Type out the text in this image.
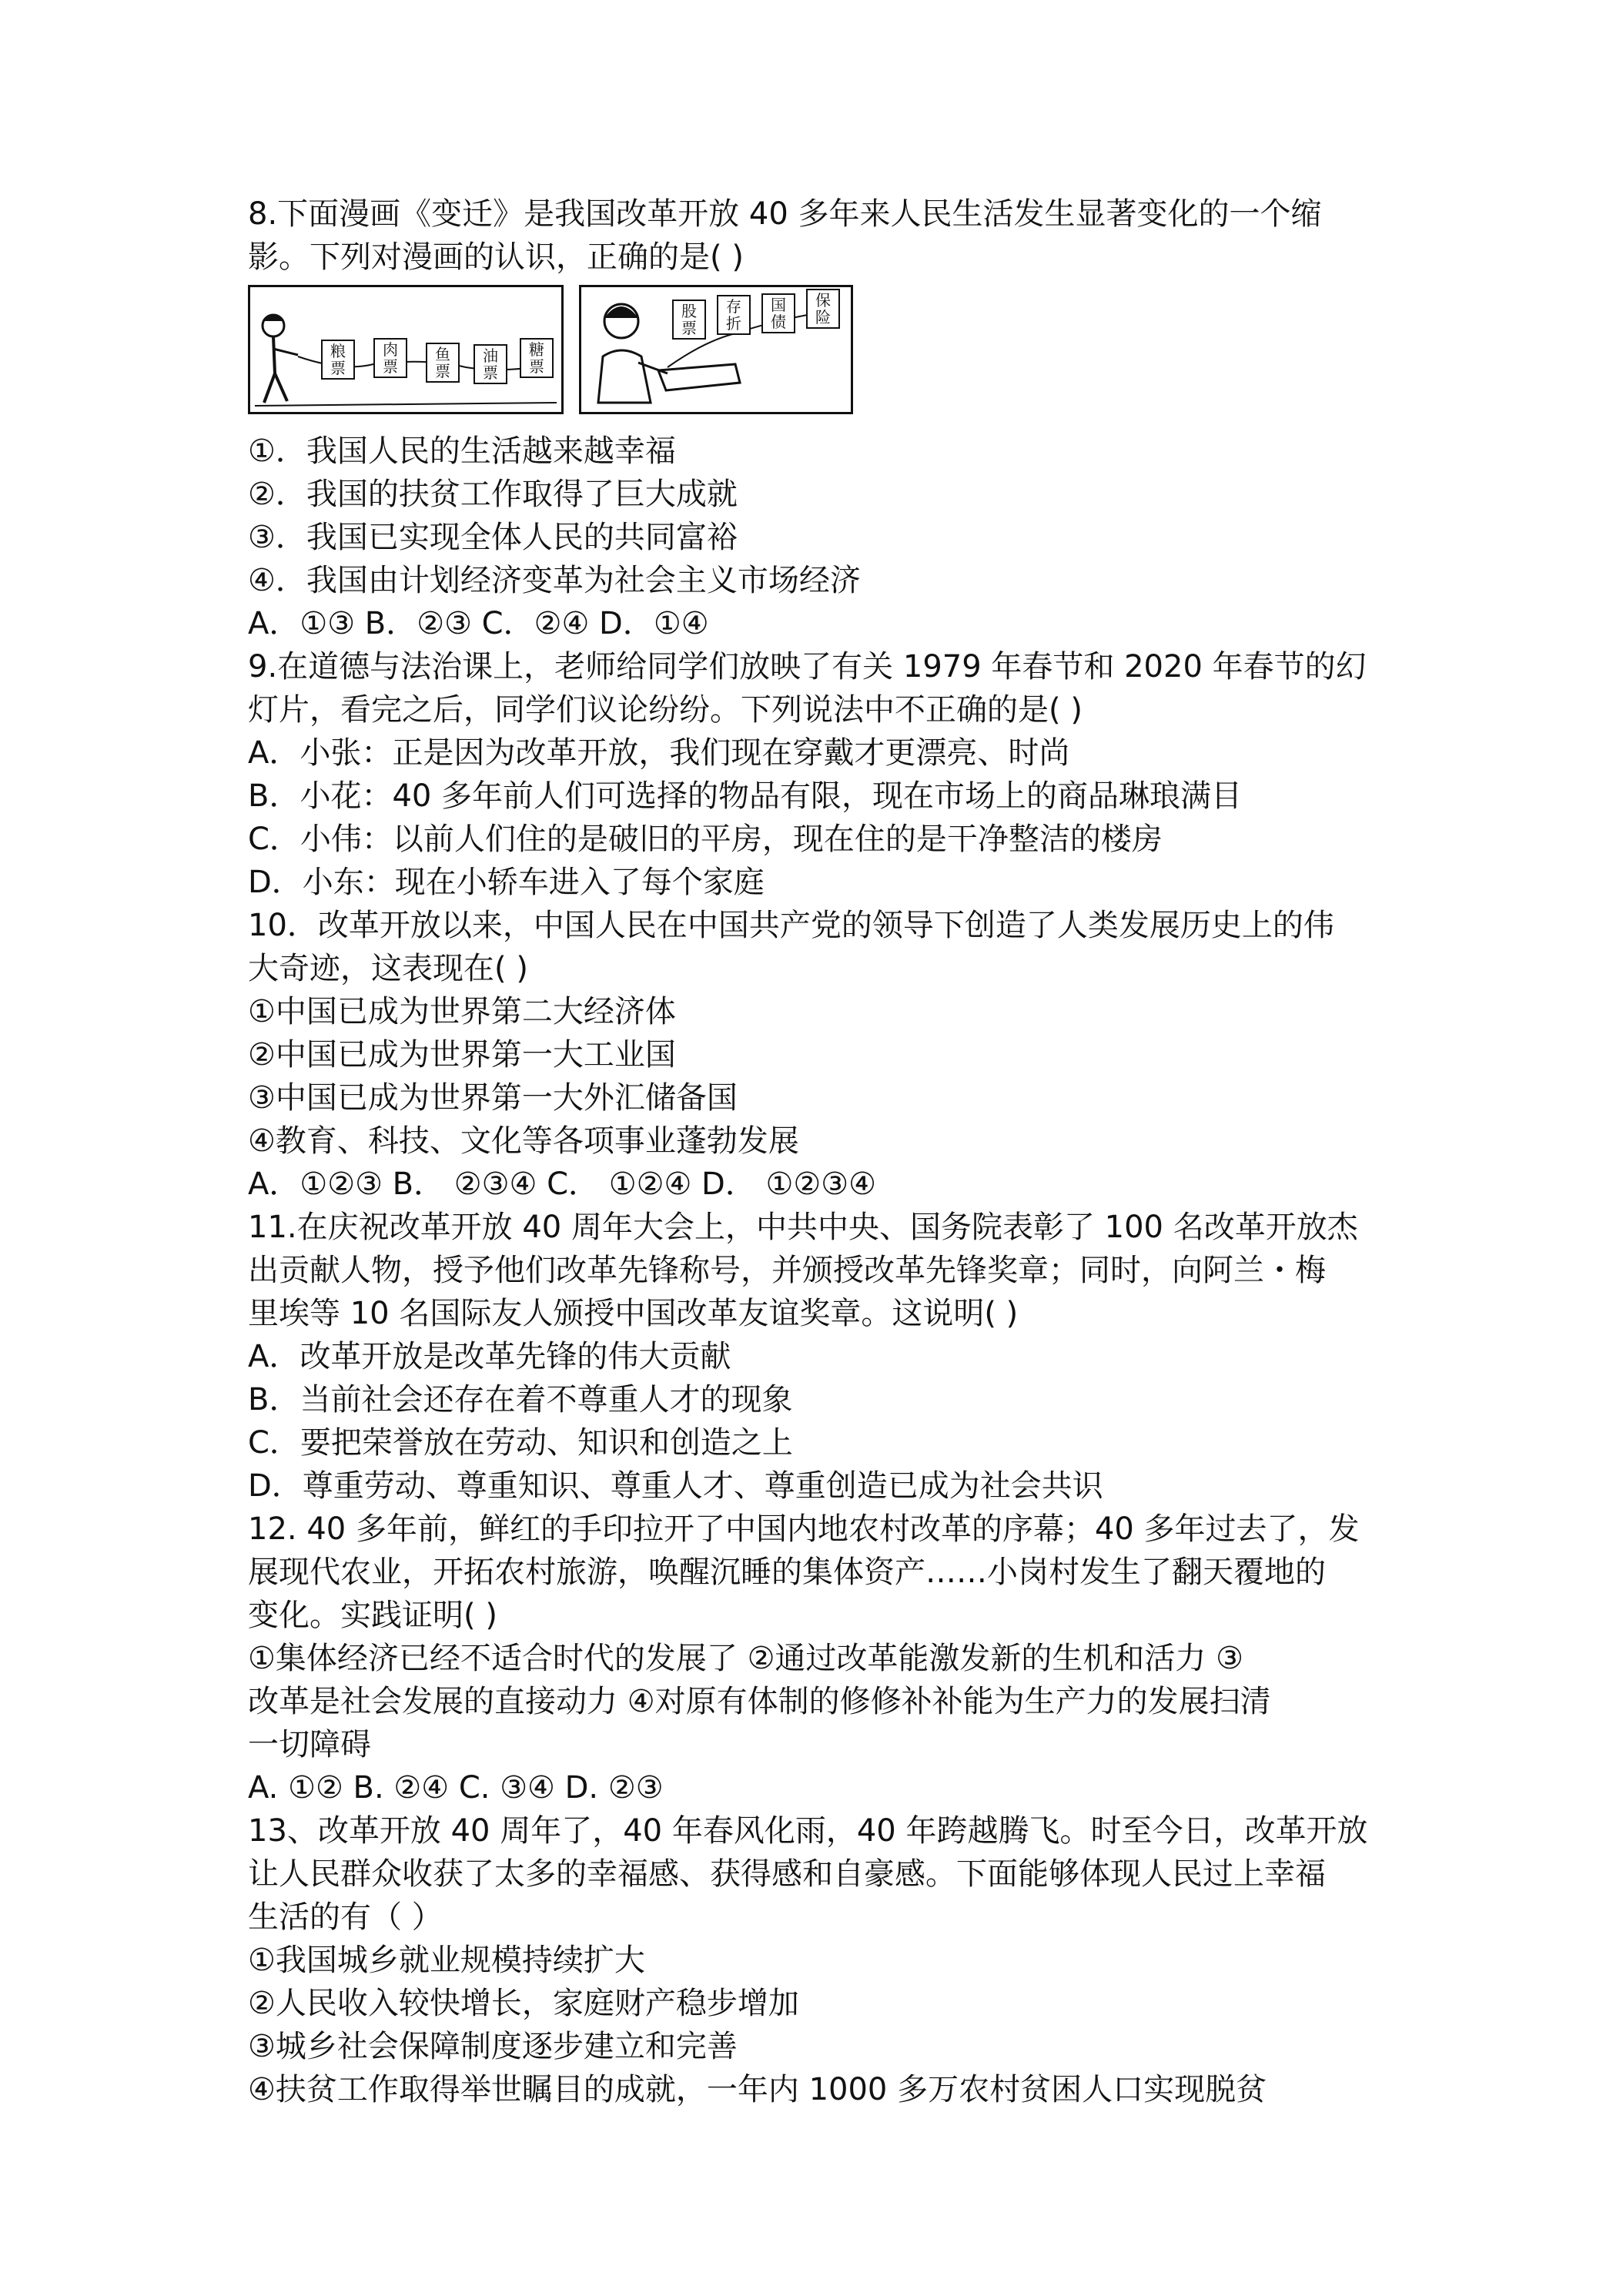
8.下面漫画《变迁》是我国改革开放 40 多年来人民生活发生显著变化的一个缩
影。下列对漫画的认识，正确的是( )
粮
票
肉
票
鱼
票
油
票
糖
票
股
票
存
折
国
债
保
险
①．我国人民的生活越来越幸福
②．我国的扶贫工作取得了巨大成就
③．我国已实现全体人民的共同富裕
④．我国由计划经济变革为社会主义市场经济
A．①③ B．②③ C．②④ D．①④
9.在道德与法治课上，老师给同学们放映了有关 1979 年春节和 2020 年春节的幻
灯片，看完之后，同学们议论纷纷。下列说法中不正确的是( )
A．小张：正是因为改革开放，我们现在穿戴才更漂亮、时尚
B．小花：40 多年前人们可选择的物品有限，现在市场上的商品琳琅满目
C．小伟：以前人们住的是破旧的平房，现在住的是干净整洁的楼房
D．小东：现在小轿车进入了每个家庭
10．改革开放以来，中国人民在中国共产党的领导下创造了人类发展历史上的伟
大奇迹，这表现在( )
①中国已成为世界第二大经济体
②中国已成为世界第一大工业国
③中国已成为世界第一大外汇储备国
④教育、科技、文化等各项事业蓬勃发展
A．①②③ B． ②③④ C． ①②④ D． ①②③④
11.在庆祝改革开放 40 周年大会上，中共中央、国务院表彰了 100 名改革开放杰
出贡献人物，授予他们改革先锋称号，并颁授改革先锋奖章；同时，向阿兰・梅
里埃等 10 名国际友人颁授中国改革友谊奖章。这说明( )
A．改革开放是改革先锋的伟大贡献
B．当前社会还存在着不尊重人才的现象
C．要把荣誉放在劳动、知识和创造之上
D．尊重劳动、尊重知识、尊重人才、尊重创造已成为社会共识
12. 40 多年前，鲜红的手印拉开了中国内地农村改革的序幕；40 多年过去了，发
展现代农业，开拓农村旅游，唤醒沉睡的集体资产……小岗村发生了翻天覆地的
变化。实践证明( )
①集体经济已经不适合时代的发展了 ②通过改革能激发新的生机和活力 ③
改革是社会发展的直接动力 ④对原有体制的修修补补能为生产力的发展扫清
一切障碍
A. ①② B. ②④ C. ③④ D. ②③
13、改革开放 40 周年了，40 年春风化雨，40 年跨越腾飞。时至今日，改革开放
让人民群众收获了太多的幸福感、获得感和自豪感。下面能够体现人民过上幸福
生活的有（ ）
①我国城乡就业规模持续扩大
②人民收入较快增长，家庭财产稳步增加
③城乡社会保障制度逐步建立和完善
④扶贫工作取得举世瞩目的成就，一年内 1000 多万农村贫困人口实现脱贫
